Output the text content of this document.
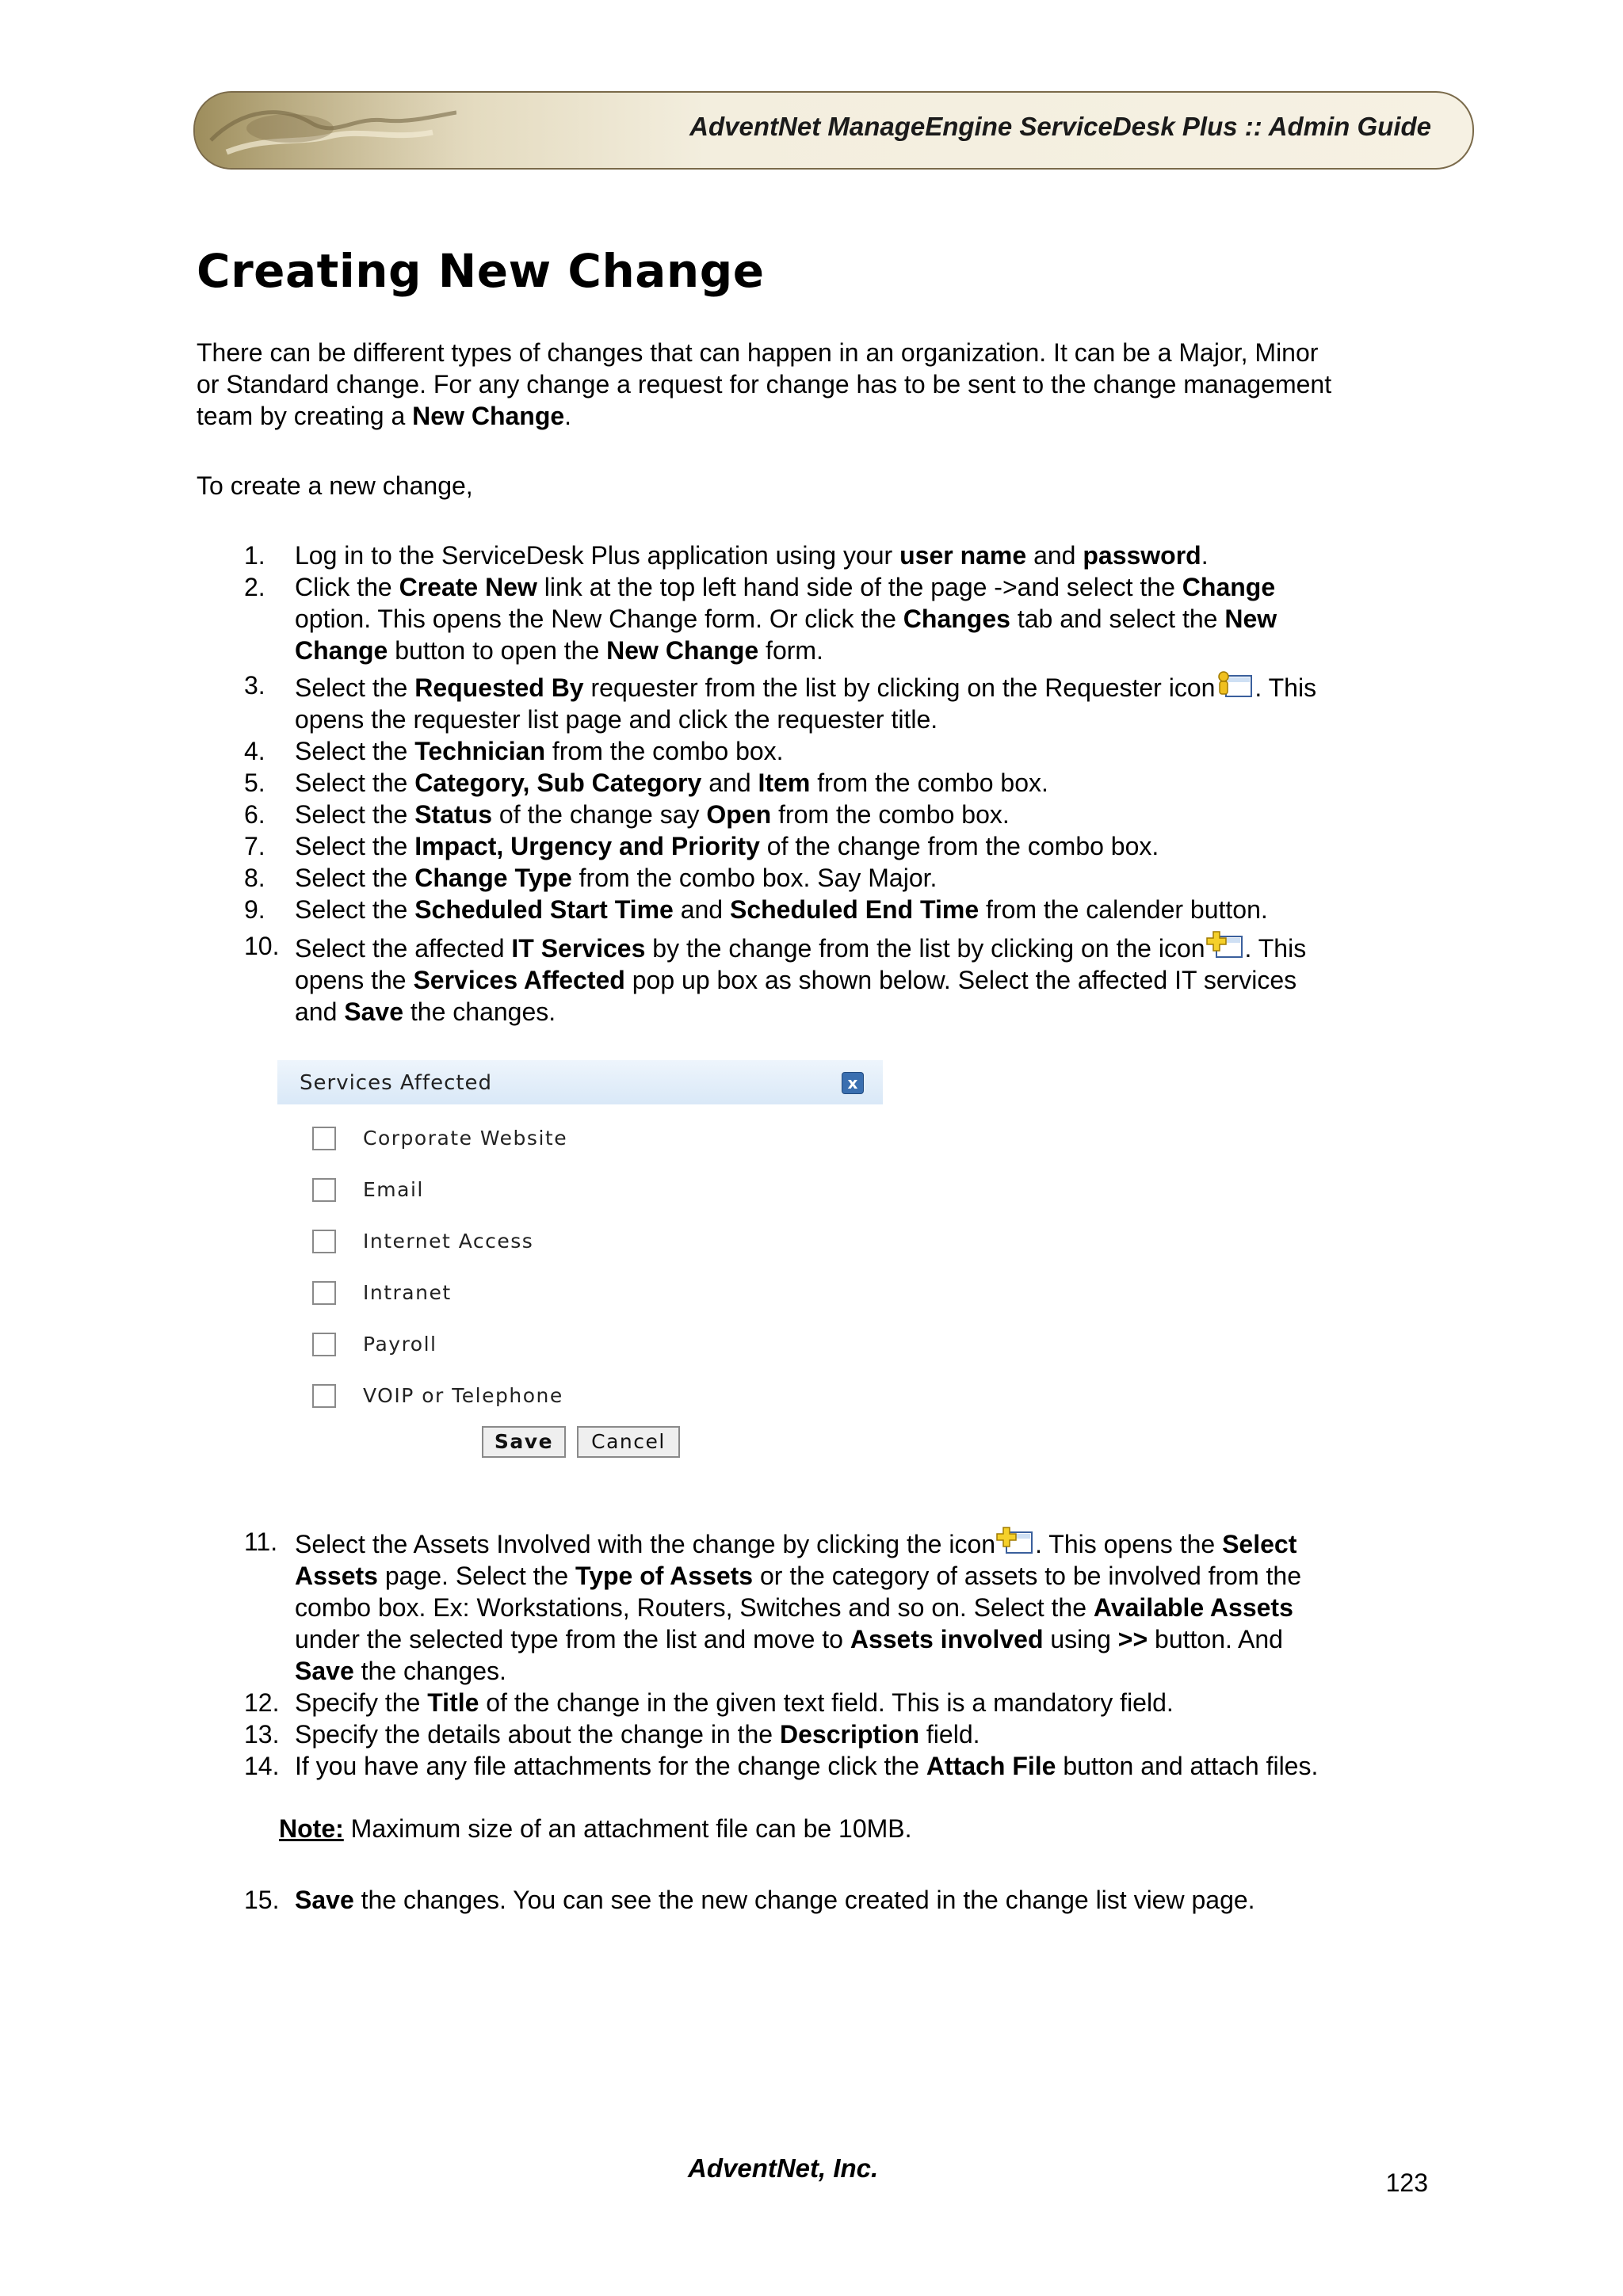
AdventNet ManageEngine ServiceDesk Plus :: Admin Guide
Creating New Change
There can be different types of changes that can happen in an organization. It can be a Major, Minor
or Standard change. For any change a request for change has to be sent to the change management
team by creating a New Change.
To create a new change,
1.	Log in to the ServiceDesk Plus application using your user name and password.
2.	Click the Create New link at the top left hand side of the page ->and select the Change
option. This opens the New Change form. Or click the Changes tab and select the New
Change button to open the New Change form.
3.	Select the Requested By requester from the list by clicking on the Requester icon . This
opens the requester list page and click the requester title.
4.	Select the Technician from the combo box.
5.	Select the Category, Sub Category and Item from the combo box.
6.	Select the Status of the change say Open from the combo box.
7.	Select the Impact, Urgency and Priority of the change from the combo box.
8.	Select the Change Type from the combo box. Say Major.
9.	Select the Scheduled Start Time and Scheduled End Time from the calender button.
10. Select the affected IT Services by the change from the list by clicking on the icon . This
opens the Services Affected pop up box as shown below. Select the affected IT services
and Save the changes.
Services Affected	x
Corporate Website
Email
Internet Access
Intranet
Payroll
VOIP or Telephone
Save	Cancel
11. Select the Assets Involved with the change by clicking the icon . This opens the Select
Assets page. Select the Type of Assets or the category of assets to be involved from the
combo box. Ex: Workstations, Routers, Switches and so on. Select the Available Assets
under the selected type from the list and move to Assets involved using >> button. And
Save the changes.
12. Specify the Title of the change in the given text field. This is a mandatory field.
13. Specify the details about the change in the Description field.
14. If you have any file attachments for the change click the Attach File button and attach files.
Note: Maximum size of an attachment file can be 10MB.
15. Save the changes. You can see the new change created in the change list view page.
AdventNet, Inc.	123
